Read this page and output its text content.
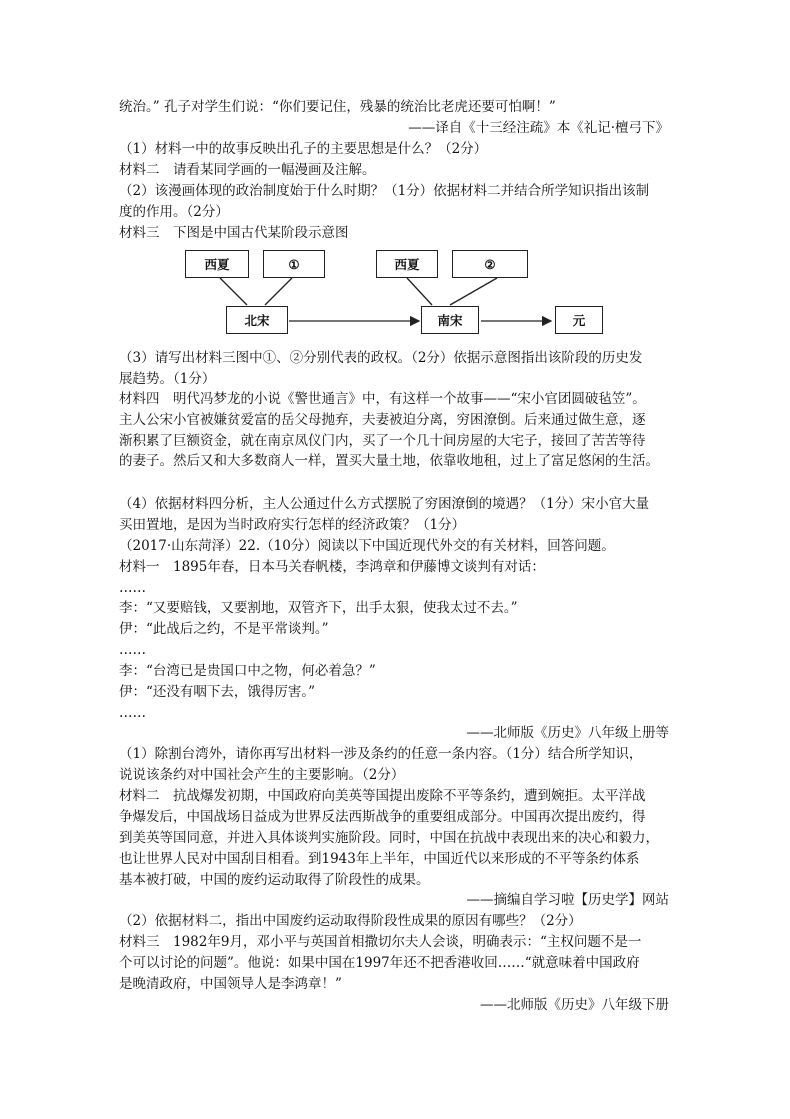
统治。” 孔子对学生们说：“你们要记住，残暴的统治比老虎还要可怕啊！”
——译自《十三经注疏》本《礼记·檀弓下》
（1）材料一中的故事反映出孔子的主要思想是什么？（2分）
材料二　请看某同学画的一幅漫画及注解。
（2）该漫画体现的政治制度始于什么时期？（1分）依据材料二并结合所学知识指出该制
度的作用。（2分）
材料三　下图是中国古代某阶段示意图
西夏	①	西夏	②
北宋	南宋	元
（3）请写出材料三图中①、②分别代表的政权。（2分）依据示意图指出该阶段的历史发
展趋势。（1分）
材料四　明代冯梦龙的小说《警世通言》中，有这样一个故事——“宋小官团圆破毡笠”。
主人公宋小官被嫌贫爱富的岳父母抛弃，夫妻被迫分离，穷困潦倒。后来通过做生意，逐
渐积累了巨额资金，就在南京凤仪门内，买了一个几十间房屋的大宅子，接回了苦苦等待
的妻子。然后又和大多数商人一样，置买大量土地，依靠收地租，过上了富足悠闲的生活。
（4）依据材料四分析，主人公通过什么方式摆脱了穷困潦倒的境遇？（1分）宋小官大量
买田置地，是因为当时政府实行怎样的经济政策？（1分）
（2017·山东菏泽）22.（10分）阅读以下中国近现代外交的有关材料，回答问题。
材料一　1895年春，日本马关春帆楼，李鸿章和伊藤博文谈判有对话：
……
李：“又要赔钱，又要割地，双管齐下，出手太狠，使我太过不去。”
伊：“此战后之约，不是平常谈判。”
……
李：“台湾已是贵国口中之物，何必着急？”
伊：“还没有咽下去，饿得厉害。”
……
——北师版《历史》八年级上册等
（1）除割台湾外，请你再写出材料一涉及条约的任意一条内容。（1分）结合所学知识，
说说该条约对中国社会产生的主要影响。（2分）
材料二　抗战爆发初期，中国政府向美英等国提出废除不平等条约，遭到婉拒。太平洋战
争爆发后，中国战场日益成为世界反法西斯战争的重要组成部分。中国再次提出废约，得
到美英等国同意，并进入具体谈判实施阶段。同时，中国在抗战中表现出来的决心和毅力，
也让世界人民对中国刮目相看。到1943年上半年，中国近代以来形成的不平等条约体系
基本被打破，中国的废约运动取得了阶段性的成果。
——摘编自学习啦【历史学】网站
（2）依据材料二，指出中国废约运动取得阶段性成果的原因有哪些？（2分）
材料三　1982年9月，邓小平与英国首相撒切尔夫人会谈，明确表示：“主权问题不是一
个可以讨论的问题”。他说：如果中国在1997年还不把香港收回……“就意味着中国政府
是晚清政府，中国领导人是李鸿章！”
——北师版《历史》八年级下册
